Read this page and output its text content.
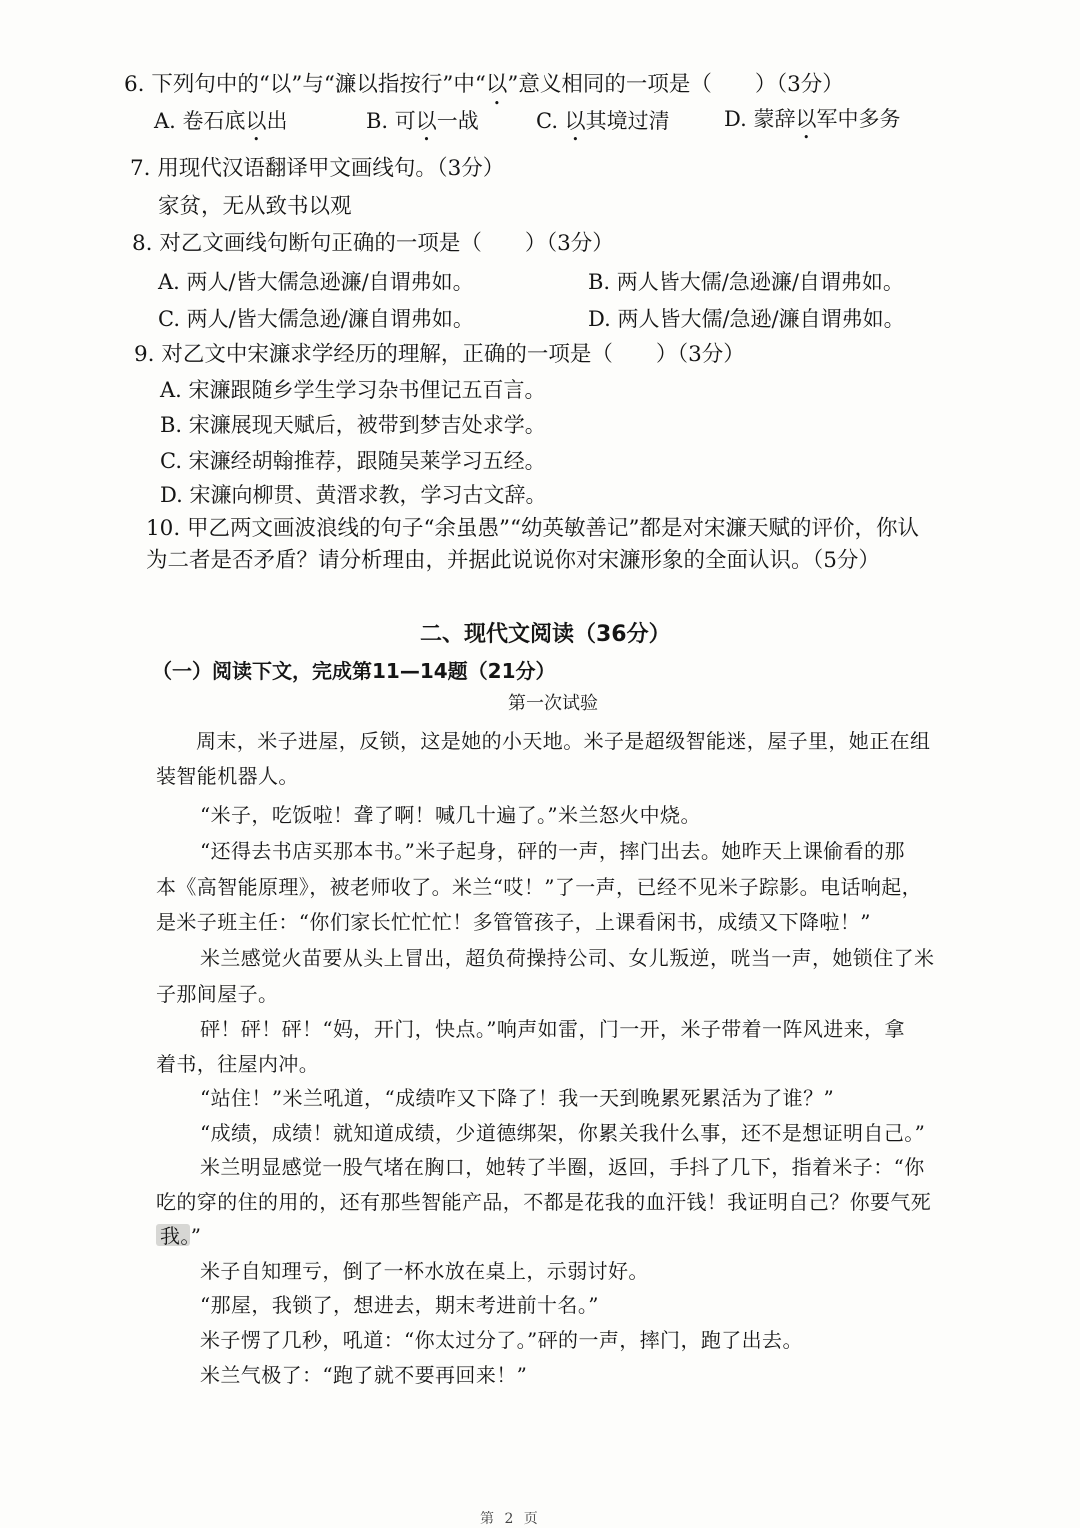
6. 下列句中的“以”与“濂以指按行”中“以”意义相同的一项是（　　）（3分）
A. 卷石底以出	B. 可以一战	C. 以其境过清	D. 蒙辞以军中多务
7. 用现代汉语翻译甲文画线句。（3分）
家贫，无从致书以观
8. 对乙文画线句断句正确的一项是（　　）（3分）
A. 两人/皆大儒急逊濂/自谓弗如。	B. 两人皆大儒/急逊濂/自谓弗如。
C. 两人/皆大儒急逊/濂自谓弗如。	D. 两人皆大儒/急逊/濂自谓弗如。
9. 对乙文中宋濂求学经历的理解，正确的一项是（　　）（3分）
A. 宋濂跟随乡学生学习杂书俚记五百言。
B. 宋濂展现天赋后，被带到梦吉处求学。
C. 宋濂经胡翰推荐，跟随吴莱学习五经。
D. 宋濂向柳贯、黄溍求教，学习古文辞。
10. 甲乙两文画波浪线的句子“余虽愚”“幼英敏善记”都是对宋濂天赋的评价，你认
为二者是否矛盾？请分析理由，并据此说说你对宋濂形象的全面认识。（5分）
二、现代文阅读（36分）
（一）阅读下文，完成第11—14题（21分）
第一次试验
周末，米子进屋，反锁，这是她的小天地。米子是超级智能迷，屋子里，她正在组
装智能机器人。
“米子，吃饭啦！聋了啊！喊几十遍了。”米兰怒火中烧。
“还得去书店买那本书。”米子起身，砰的一声，摔门出去。她昨天上课偷看的那
本《高智能原理》，被老师收了。米兰“哎！”了一声，已经不见米子踪影。电话响起，
是米子班主任：“你们家长忙忙忙！多管管孩子，上课看闲书，成绩又下降啦！”
米兰感觉火苗要从头上冒出，超负荷操持公司、女儿叛逆，咣当一声，她锁住了米
子那间屋子。
砰！砰！砰！“妈，开门，快点。”响声如雷，门一开，米子带着一阵风进来，拿
着书，往屋内冲。
“站住！”米兰吼道，“成绩咋又下降了！我一天到晚累死累活为了谁？”
“成绩，成绩！就知道成绩，少道德绑架，你累关我什么事，还不是想证明自己。”
米兰明显感觉一股气堵在胸口，她转了半圈，返回，手抖了几下，指着米子：“你
吃的穿的住的用的，还有那些智能产品，不都是花我的血汗钱！我证明自己？你要气死
我。”
米子自知理亏，倒了一杯水放在桌上，示弱讨好。
“那屋，我锁了，想进去，期末考进前十名。”
米子愣了几秒，吼道：“你太过分了。”砰的一声，摔门，跑了出去。
米兰气极了：“跑了就不要再回来！”
第 2 页
